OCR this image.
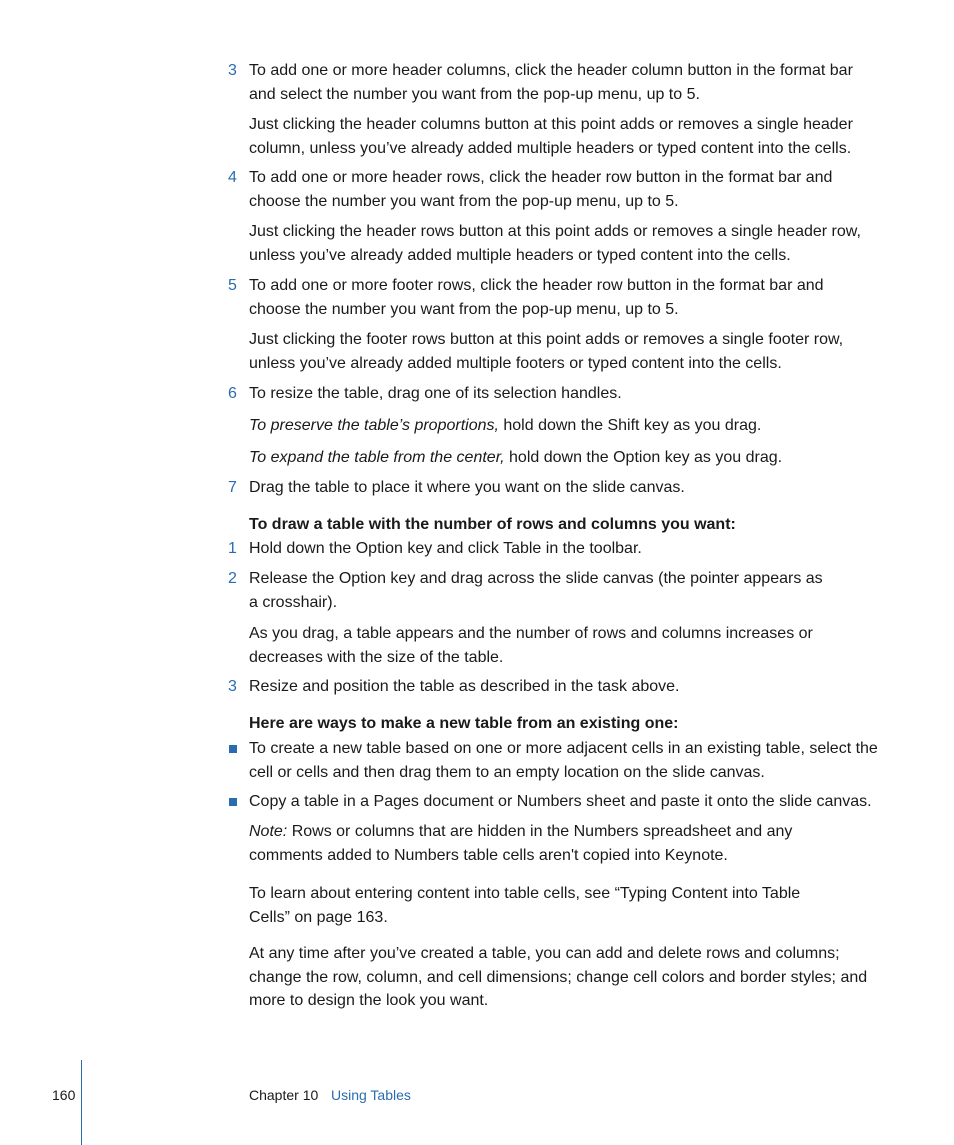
3 To add one or more header columns, click the header column button in the format bar and select the number you want from the pop-up menu, up to 5.
Just clicking the header columns button at this point adds or removes a single header column, unless you’ve already added multiple headers or typed content into the cells.
4 To add one or more header rows, click the header row button in the format bar and choose the number you want from the pop-up menu, up to 5.
Just clicking the header rows button at this point adds or removes a single header row, unless you’ve already added multiple headers or typed content into the cells.
5 To add one or more footer rows, click the header row button in the format bar and choose the number you want from the pop-up menu, up to 5.
Just clicking the footer rows button at this point adds or removes a single footer row, unless you’ve already added multiple footers or typed content into the cells.
6 To resize the table, drag one of its selection handles.
To preserve the table’s proportions, hold down the Shift key as you drag.
To expand the table from the center, hold down the Option key as you drag.
7 Drag the table to place it where you want on the slide canvas.
To draw a table with the number of rows and columns you want:
1 Hold down the Option key and click Table in the toolbar.
2 Release the Option key and drag across the slide canvas (the pointer appears as a crosshair).
As you drag, a table appears and the number of rows and columns increases or decreases with the size of the table.
3 Resize and position the table as described in the task above.
Here are ways to make a new table from an existing one:
To create a new table based on one or more adjacent cells in an existing table, select the cell or cells and then drag them to an empty location on the slide canvas.
Copy a table in a Pages document or Numbers sheet and paste it onto the slide canvas.
Note: Rows or columns that are hidden in the Numbers spreadsheet and any comments added to Numbers table cells aren't copied into Keynote.
To learn about entering content into table cells, see “Typing Content into Table Cells” on page 163.
At any time after you’ve created a table, you can add and delete rows and columns; change the row, column, and cell dimensions; change cell colors and border styles; and more to design the look you want.
160	Chapter 10 Using Tables
